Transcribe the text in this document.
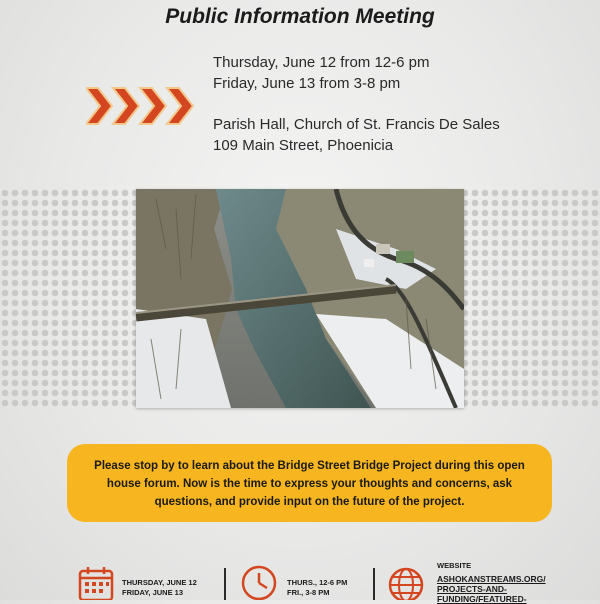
Public Information Meeting
Thursday, June 12 from 12-6 pm
Friday, June 13 from 3-8 pm
Parish Hall, Church of St. Francis De Sales
109 Main Street, Phoenicia
Please stop by to learn about the Bridge Street Bridge Project during this open house forum. Now is the time to express your thoughts and concerns, ask questions, and provide input on the future of the project.
THURSDAY, JUNE 12
FRIDAY, JUNE 13
THURS., 12-6 PM
FRI., 3-8 PM
WEBSITE
ASHOKANSTREAMS.ORG/
PROJECTS-AND-
FUNDING/FEATURED-
